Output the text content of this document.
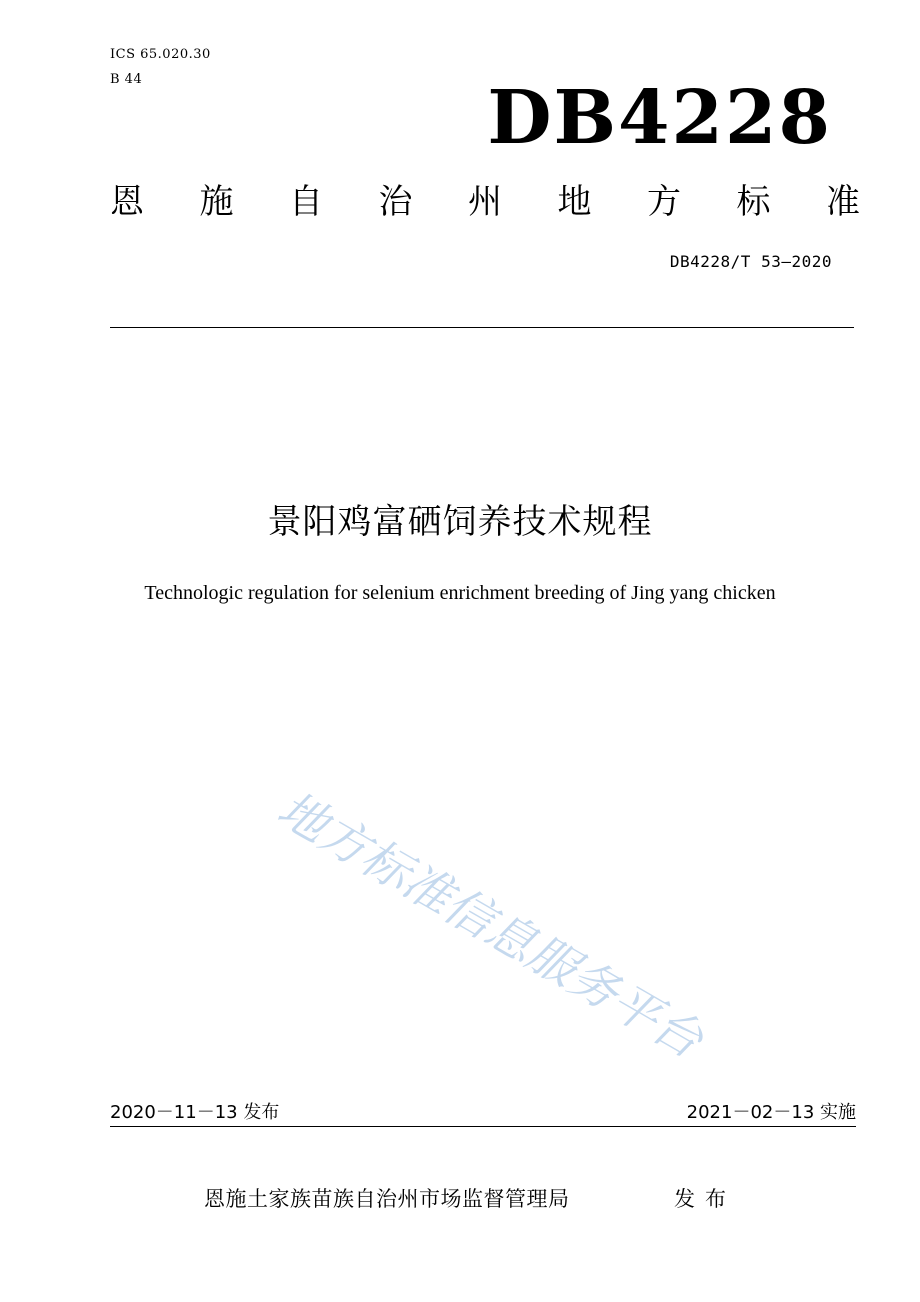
ICS 65.020.30
B 44	DB4228
恩 施 自 治 州 地 方 标 准
DB4228/T 53—2020
景阳鸡富硒饲养技术规程
Technologic regulation for selenium enrichment breeding of Jing yang chicken
地方标准信息服务平台
2020－11－13 发布	2021－02－13 实施
恩施土家族苗族自治州市场监督管理局	发布
